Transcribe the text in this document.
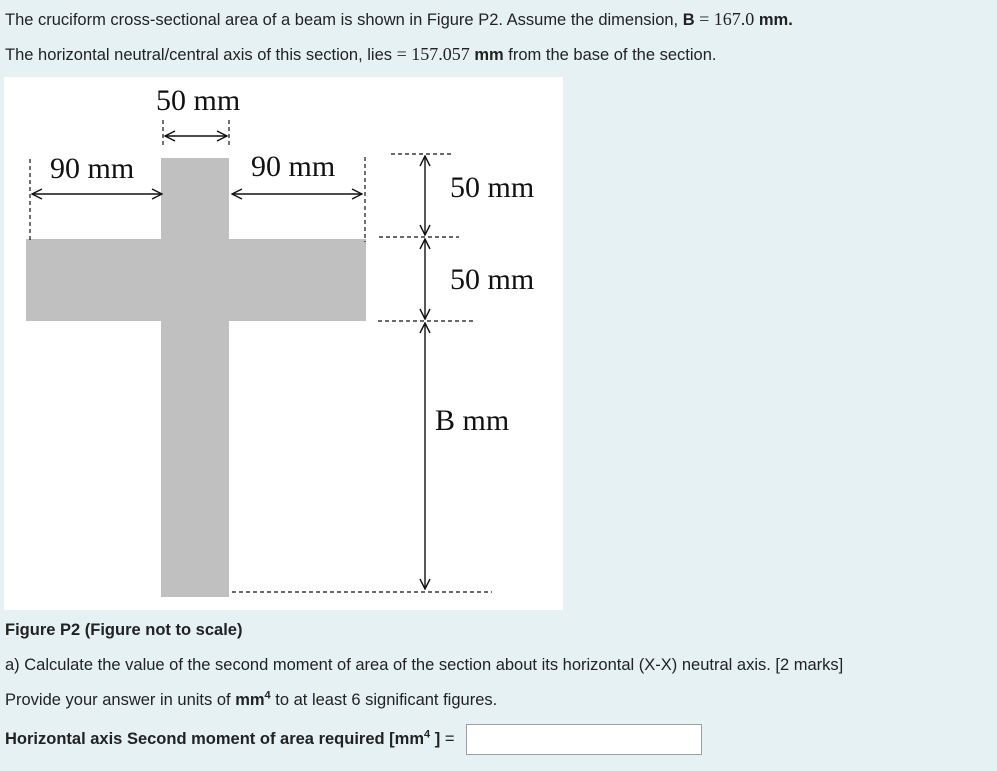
The cruciform cross-sectional area of a beam is shown in Figure P2. Assume the dimension, B = 167.0 mm.
The horizontal neutral/central axis of this section, lies = 157.057 mm from the base of the section.
50 mm
90 mm	90 mm
50 mm
50 mm
B mm
Figure P2 (Figure not to scale)
a) Calculate the value of the second moment of area of the section about its horizontal (X-X) neutral axis. [2 marks]
Provide your answer in units of $mm^4$ to at least 6 significant figures.
Horizontal axis Second moment of area required [$mm^4$ ] =
